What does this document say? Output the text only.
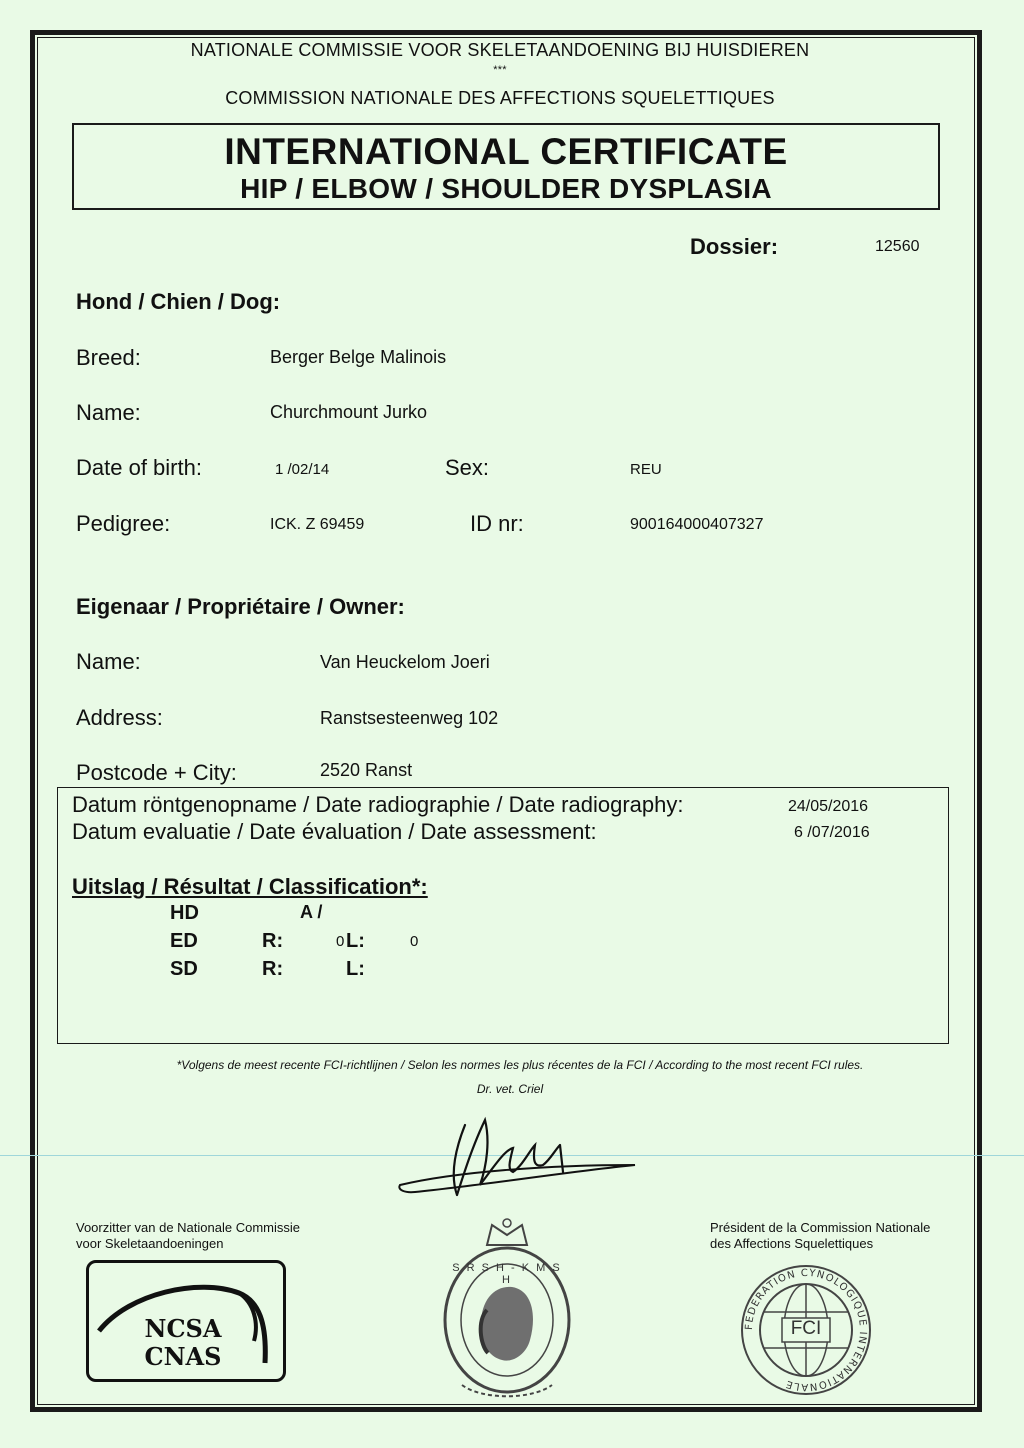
NATIONALE COMMISSIE VOOR SKELETAANDOENING BIJ HUISDIEREN
***
COMMISSION NATIONALE DES AFFECTIONS SQUELETTIQUES
INTERNATIONAL CERTIFICATE
HIP / ELBOW / SHOULDER DYSPLASIA
Dossier:	12560
Hond / Chien / Dog:
Breed:	Berger Belge Malinois
Name:	Churchmount Jurko
Date of birth:	1 /02/14	Sex:	REU
Pedigree:	ICK. Z 69459	ID nr:	900164000407327
Eigenaar / Propriétaire / Owner:
Name:	Van Heuckelom Joeri
Address:	Ranstsesteenweg 102
Postcode + City:	2520 Ranst
Datum röntgenopname / Date radiographie / Date radiography:	24/05/2016
Datum evaluatie / Date évaluation / Date assessment:	6 /07/2016
Uitslag / Résultat / Classification*:
HD	A /
ED	R:	0 L:	0
SD	R:	L:
*Volgens de meest recente FCI-richtlijnen / Selon les normes les plus récentes de la FCI / According to the most recent FCI rules.
Dr. vet. Criel
Voorzitter van de Nationale Commissie
voor Skeletaandoeningen
Président de la Commission Nationale
des Affections Squelettiques
NCSA
CNAS
S R S H - K M S H
FEDERATION CYNOLOGIQUE INTERNATIONALE
FCI
